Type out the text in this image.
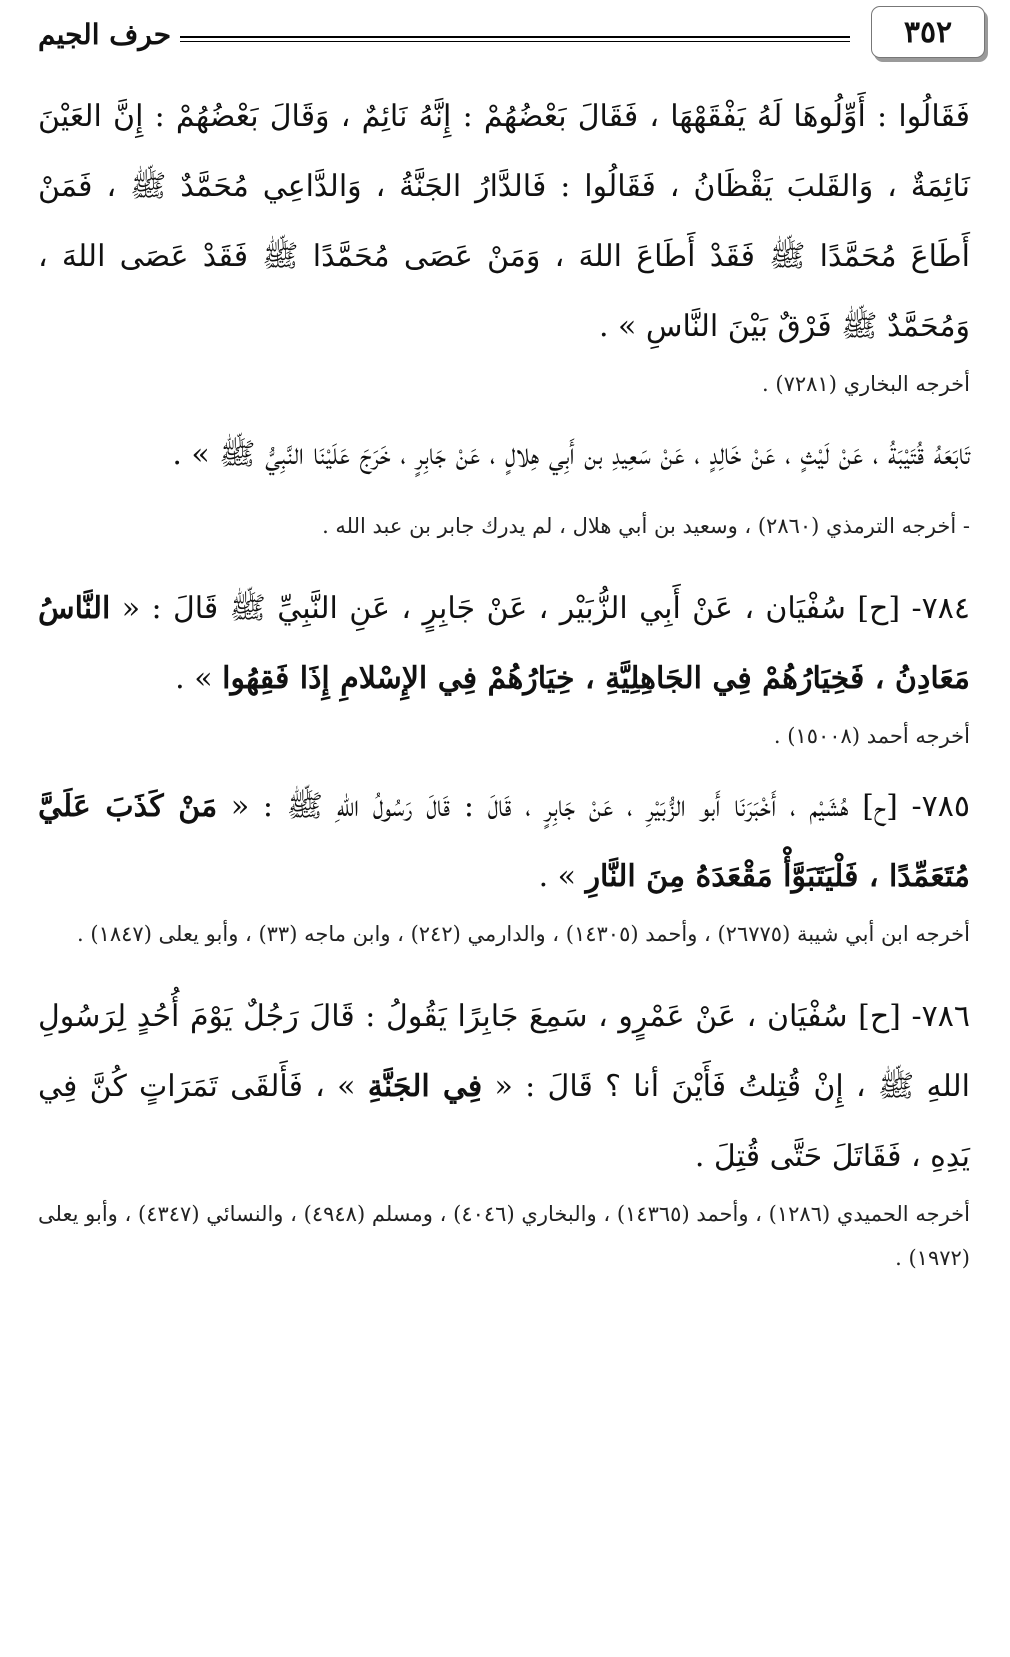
٣٥٢
حرف الجيم

فَقَالُوا : أَوِّلُوهَا لَهُ يَفْقَهْهَا ، فَقَالَ بَعْضُهُمْ : إِنَّهُ نَائِمٌ ، وَقَالَ بَعْضُهُمْ : إِنَّ العَيْنَ نَائِمَةٌ ، وَالقَلبَ يَقْظَانُ ، فَقَالُوا : فَالدَّارُ الجَنَّةُ ، وَالدَّاعِي مُحَمَّدٌ ﷺ ، فَمَنْ أَطَاعَ مُحَمَّدًا ﷺ فَقَدْ أَطَاعَ اللهَ ، وَمَنْ عَصَى مُحَمَّدًا ﷺ فَقَدْ عَصَى اللهَ ، وَمُحَمَّدٌ ﷺ فَرْقٌ بَيْنَ النَّاسِ » .

أخرجه البخاري (٧٢٨١) .

تَابَعَهُ قُتَيْبَةُ ، عَنْ لَيْثٍ ، عَنْ خَالِدٍ ، عَنْ سَعِيدِ بن أَبِي هِلالٍ ، عَنْ جَابِرٍ ، خَرَجَ عَلَيْنَا النَّبِيُّ ﷺ » .

- أخرجه الترمذي (٢٨٦٠) ، وسعيد بن أبي هلال ، لم يدرك جابر بن عبد الله .

٧٨٤- [ح] سُفْيَان ، عَنْ أَبِي الزُّبَيْر ، عَنْ جَابِرٍ ، عَنِ النَّبِيِّ ﷺ قَالَ : « النَّاسُ مَعَادِنُ ، فَخِيَارُهُمْ فِي الجَاهِلِيَّةِ ، خِيَارُهُمْ فِي الإِسْلامِ إِذَا فَقِهُوا » .

أخرجه أحمد (١٥٠٠٨) .

٧٨٥- [ح] هُشَيْم ، أَخْبَرَنَا أَبو الزُّبَيْرِ ، عَنْ جَابِرٍ ، قَالَ : قَالَ رَسُولُ اللهِ ﷺ : « مَنْ كَذَبَ عَلَيَّ مُتَعَمِّدًا ، فَلْيَتَبَوَّأْ مَقْعَدَهُ مِنَ النَّارِ » .

أخرجه ابن أبي شيبة (٢٦٧٧٥) ، وأحمد (١٤٣٠٥) ، والدارمي (٢٤٢) ، وابن ماجه (٣٣) ، وأبو يعلى (١٨٤٧) .

٧٨٦- [ح] سُفْيَان ، عَنْ عَمْرٍو ، سَمِعَ جَابِرًا يَقُولُ : قَالَ رَجُلٌ يَوْمَ أُحُدٍ لِرَسُولِ اللهِ ﷺ ، إِنْ قُتِلتُ فَأَيْنَ أنا ؟ قَالَ : « فِي الجَنَّةِ » ، فَأَلقَى تَمَرَاتٍ كُنَّ فِي يَدِهِ ، فَقَاتَلَ حَتَّى قُتِلَ .

أخرجه الحميدي (١٢٨٦) ، وأحمد (١٤٣٦٥) ، والبخاري (٤٠٤٦) ، ومسلم (٤٩٤٨) ، والنسائي (٤٣٤٧) ، وأبو يعلى (١٩٧٢) .
